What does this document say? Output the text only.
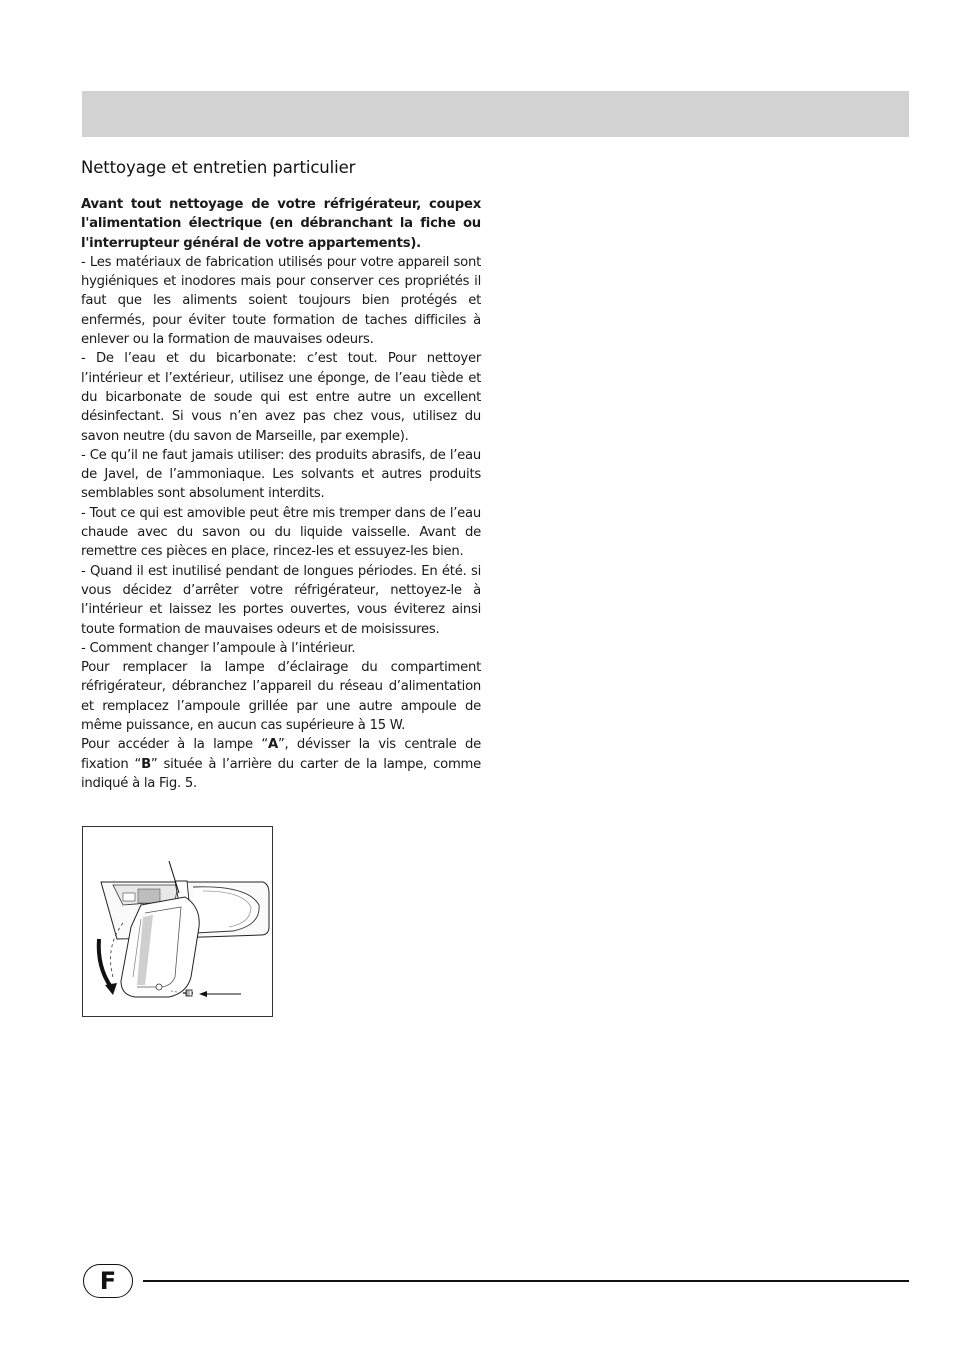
Nettoyage et entretien particulier

Avant tout nettoyage de votre réfrigérateur, coupex l'alimentation électrique (en débranchant la fiche ou l'interrupteur général de votre appartements).

- Les matériaux de fabrication utilisés pour votre appareil sont hygiéniques et inodores mais pour conserver ces propriétés il faut que les aliments soient toujours bien protégés et enfermés, pour éviter toute formation de taches difficiles à enlever ou la formation de mauvaises odeurs.

- De l’eau et du bicarbonate: c’est tout. Pour nettoyer l’intérieur et l’extérieur, utilisez une éponge, de l’eau tiède et du bicarbonate de soude qui est entre autre un excellent désinfectant. Si vous n’en avez pas chez vous, utilisez du savon neutre (du savon de Marseille, par exemple).

- Ce qu’il ne faut jamais utiliser: des produits abrasifs, de l’eau de Javel, de l’ammoniaque. Les solvants et autres produits semblables sont absolument interdits.

- Tout ce qui est amovible peut être mis tremper dans de l’eau chaude avec du savon ou du liquide vaisselle. Avant de remettre ces pièces en place, rincez-les et essuyez-les bien.

- Quand il est inutilisé pendant de longues périodes. En été. si vous décidez d’arrêter votre réfrigérateur, nettoyez-le à l’intérieur et laissez les portes ouvertes, vous éviterez ainsi toute formation de mauvaises odeurs et de moisissures.

- Comment changer l’ampoule à l’intérieur.

Pour remplacer la lampe d’éclairage du compartiment réfrigérateur, débranchez l’appareil du réseau d’alimentation et remplacez l’ampoule grillée par une autre ampoule de même puissance, en aucun cas supérieure à 15 W.

Pour accéder à la lampe “A”, dévisser la vis centrale de fixation “B” située à l’arrière du carter de la lampe, comme indiqué à la Fig. 5.

F
